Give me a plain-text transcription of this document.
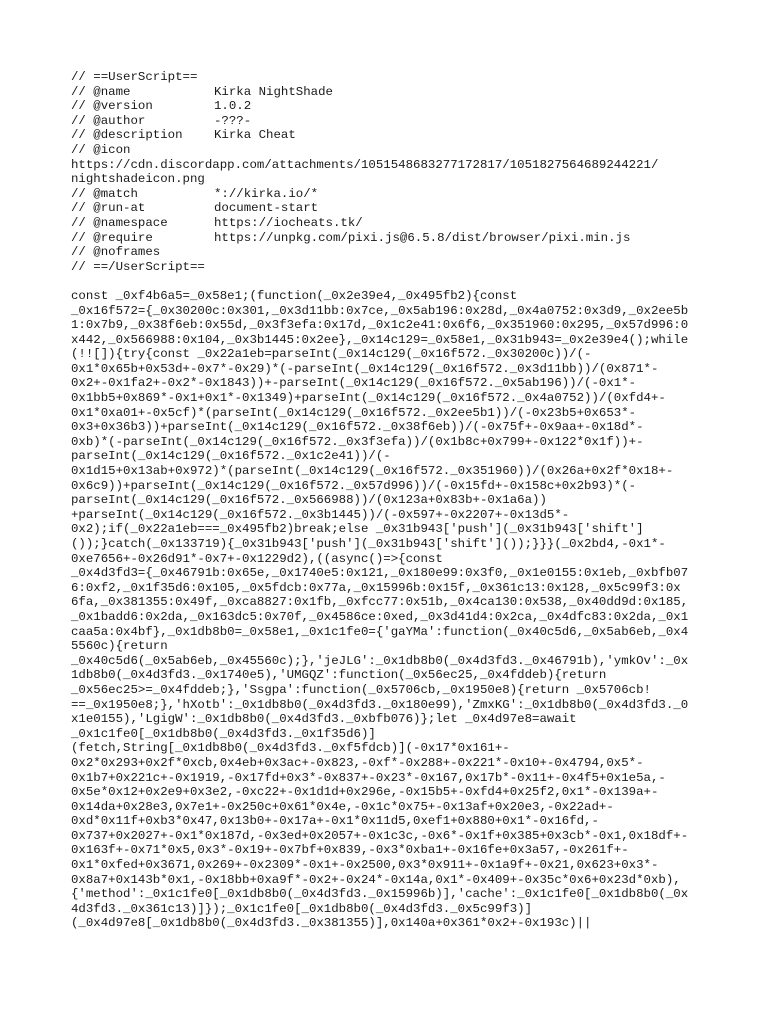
// ==UserScript==
// @name	Kirka NightShade
// @version	1.0.2
// @author	-???-
// @description	Kirka Cheat
// @icon
https://cdn.discordapp.com/attachments/1051548683277172817/1051827564689244221/
nightshadeicon.png
// @match	*://kirka.io/*
// @run-at	document-start
// @namespace	https://iocheats.tk/
// @require	https://unpkg.com/pixi.js@6.5.8/dist/browser/pixi.min.js
// @noframes
// ==/UserScript==
const _0xf4b6a5=_0x58e1;(function(_0x2e39e4,_0x495fb2){const
_0x16f572={_0x30200c:0x301,_0x3d11bb:0x7ce,_0x5ab196:0x28d,_0x4a0752:0x3d9,_0x2ee5b
1:0x7b9,_0x38f6eb:0x55d,_0x3f3efa:0x17d,_0x1c2e41:0x6f6,_0x351960:0x295,_0x57d996:0
x442,_0x566988:0x104,_0x3b1445:0x2ee},_0x14c129=_0x58e1,_0x31b943=_0x2e39e4();while
(!![]){try{const _0x22a1eb=parseInt(_0x14c129(_0x16f572._0x30200c))/(-
0x1*0x65b+0x53d+-0x7*-0x29)*(-parseInt(_0x14c129(_0x16f572._0x3d11bb))/(0x871*-
0x2+-0x1fa2+-0x2*-0x1843))+-parseInt(_0x14c129(_0x16f572._0x5ab196))/(-0x1*-
0x1bb5+0x869*-0x1+0x1*-0x1349)+parseInt(_0x14c129(_0x16f572._0x4a0752))/(0xfd4+-
0x1*0xa01+-0x5cf)*(parseInt(_0x14c129(_0x16f572._0x2ee5b1))/(-0x23b5+0x653*-
0x3+0x36b3))+parseInt(_0x14c129(_0x16f572._0x38f6eb))/(-0x75f+-0x9aa+-0x18d*-
0xb)*(-parseInt(_0x14c129(_0x16f572._0x3f3efa))/(0x1b8c+0x799+-0x122*0x1f))+-
parseInt(_0x14c129(_0x16f572._0x1c2e41))/(-
0x1d15+0x13ab+0x972)*(parseInt(_0x14c129(_0x16f572._0x351960))/(0x26a+0x2f*0x18+-
0x6c9))+parseInt(_0x14c129(_0x16f572._0x57d996))/(-0x15fd+-0x158c+0x2b93)*(-
parseInt(_0x14c129(_0x16f572._0x566988))/(0x123a+0x83b+-0x1a6a))
+parseInt(_0x14c129(_0x16f572._0x3b1445))/(-0x597+-0x2207+-0x13d5*-
0x2);if(_0x22a1eb===_0x495fb2)break;else _0x31b943['push'](_0x31b943['shift']
());}catch(_0x133719){_0x31b943['push'](_0x31b943['shift']());}}}(_0x2bd4,-0x1*-
0xe7656+-0x26d91*-0x7+-0x1229d2),((async()=>{const
_0x4d3fd3={_0x46791b:0x65e,_0x1740e5:0x121,_0x180e99:0x3f0,_0x1e0155:0x1eb,_0xbfb07
6:0xf2,_0x1f35d6:0x105,_0x5fdcb:0x77a,_0x15996b:0x15f,_0x361c13:0x128,_0x5c99f3:0x
6fa,_0x381355:0x49f,_0xca8827:0x1fb,_0xfcc77:0x51b,_0x4ca130:0x538,_0x40dd9d:0x185,
_0x1badd6:0x2da,_0x163dc5:0x70f,_0x4586ce:0xed,_0x3d41d4:0x2ca,_0x4dfc83:0x2da,_0x1
caa5a:0x4bf},_0x1db8b0=_0x58e1,_0x1c1fe0={'gaYMa':function(_0x40c5d6,_0x5ab6eb,_0x4
5560c){return
_0x40c5d6(_0x5ab6eb,_0x45560c);},'jeJLG':_0x1db8b0(_0x4d3fd3._0x46791b),'ymkOv':_0x
1db8b0(_0x4d3fd3._0x1740e5),'UMGQZ':function(_0x56ec25,_0x4fddeb){return
_0x56ec25>=_0x4fddeb;},'Ssgpa':function(_0x5706cb,_0x1950e8){return _0x5706cb!
==_0x1950e8;},'hXotb':_0x1db8b0(_0x4d3fd3._0x180e99),'ZmxKG':_0x1db8b0(_0x4d3fd3._0
x1e0155),'LgigW':_0x1db8b0(_0x4d3fd3._0xbfb076)};let _0x4d97e8=await
_0x1c1fe0[_0x1db8b0(_0x4d3fd3._0x1f35d6)]
(fetch,String[_0x1db8b0(_0x4d3fd3._0xf5fdcb)](-0x17*0x161+-
0x2*0x293+0x2f*0xcb,0x4eb+0x3ac+-0x823,-0xf*-0x288+-0x221*-0x10+-0x4794,0x5*-
0x1b7+0x221c+-0x1919,-0x17fd+0x3*-0x837+-0x23*-0x167,0x17b*-0x11+-0x4f5+0x1e5a,-
0x5e*0x12+0x2e9+0x3e2,-0xc22+-0x1d1d+0x296e,-0x15b5+-0xfd4+0x25f2,0x1*-0x139a+-
0x14da+0x28e3,0x7e1+-0x250c+0x61*0x4e,-0x1c*0x75+-0x13af+0x20e3,-0x22ad+-
0xd*0x11f+0xb3*0x47,0x13b0+-0x17a+-0x1*0x11d5,0xef1+0x880+0x1*-0x16fd,-
0x737+0x2027+-0x1*0x187d,-0x3ed+0x2057+-0x1c3c,-0x6*-0x1f+0x385+0x3cb*-0x1,0x18df+-
0x163f+-0x71*0x5,0x3*-0x19+-0x7bf+0x839,-0x3*0xba1+-0x16fe+0x3a57,-0x261f+-
0x1*0xfed+0x3671,0x269+-0x2309*-0x1+-0x2500,0x3*0x911+-0x1a9f+-0x21,0x623+0x3*-
0x8a7+0x143b*0x1,-0x18bb+0xa9f*-0x2+-0x24*-0x14a,0x1*-0x409+-0x35c*0x6+0x23d*0xb),
{'method':_0x1c1fe0[_0x1db8b0(_0x4d3fd3._0x15996b)],'cache':_0x1c1fe0[_0x1db8b0(_0x
4d3fd3._0x361c13)]});_0x1c1fe0[_0x1db8b0(_0x4d3fd3._0x5c99f3)]
(_0x4d97e8[_0x1db8b0(_0x4d3fd3._0x381355)],0x140a+0x361*0x2+-0x193c)||
